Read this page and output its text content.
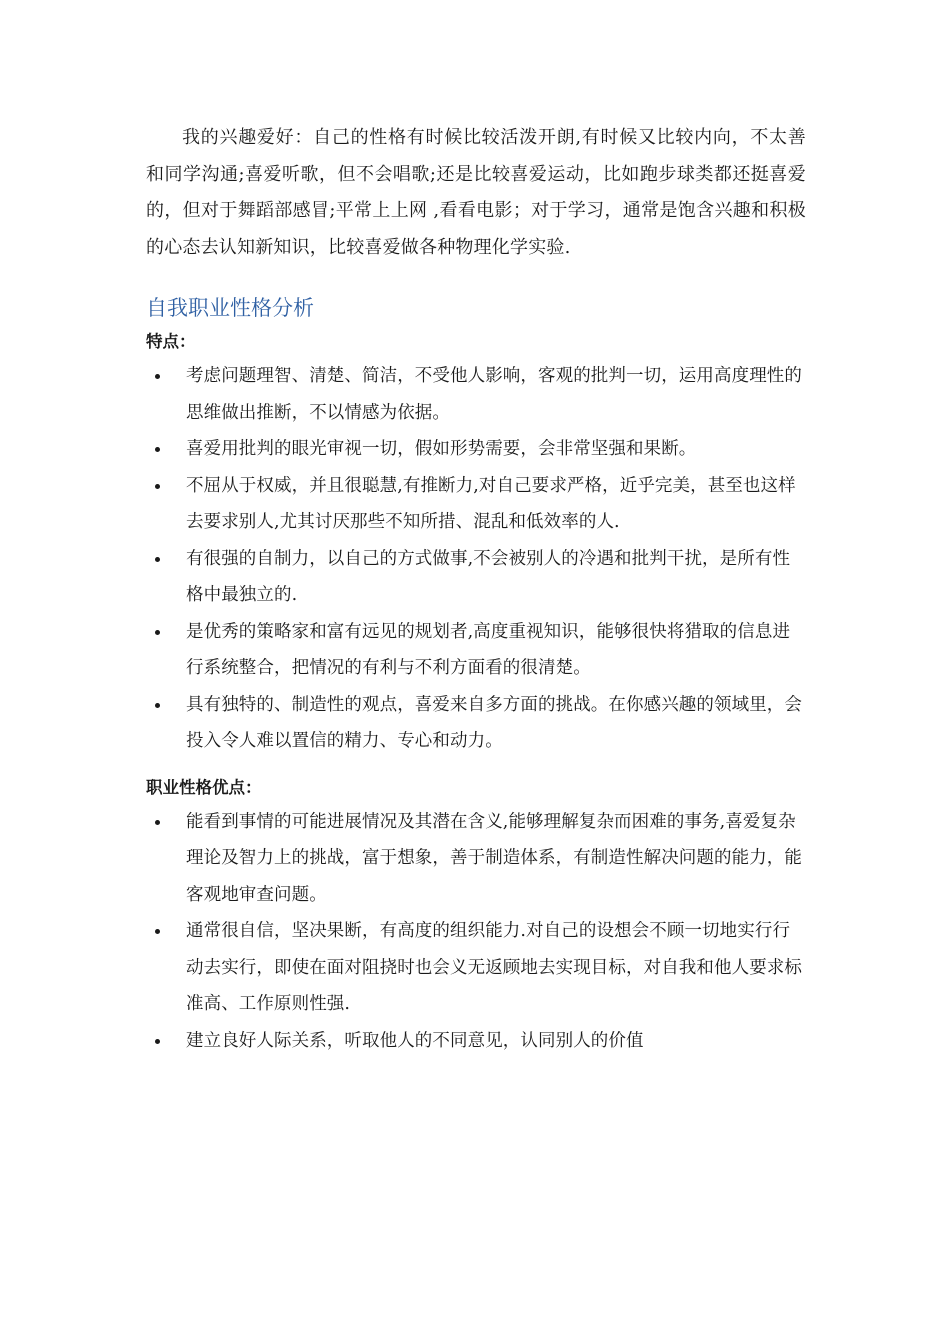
我的兴趣爱好：自己的性格有时候比较活泼开朗,有时候又比较内向，不太善和同学沟通;喜爱听歌，但不会唱歌;还是比较喜爱运动，比如跑步球类都还挺喜爱的，但对于舞蹈部感冒;平常上上网 ,看看电影；对于学习，通常是饱含兴趣和积极的心态去认知新知识，比较喜爱做各种物理化学实验.

自我职业性格分析
特点：
考虑问题理智、清楚、简洁，不受他人影响，客观的批判一切，运用高度理性的思维做出推断，不以情感为依据。
喜爱用批判的眼光审视一切，假如形势需要，会非常坚强和果断。
不屈从于权威，并且很聪慧,有推断力,对自己要求严格，近乎完美，甚至也这样去要求别人,尤其讨厌那些不知所措、混乱和低效率的人.
有很强的自制力，以自己的方式做事,不会被别人的冷遇和批判干扰，是所有性格中最独立的.
是优秀的策略家和富有远见的规划者,高度重视知识，能够很快将猎取的信息进行系统整合，把情况的有利与不利方面看的很清楚。
具有独特的、制造性的观点，喜爱来自多方面的挑战。在你感兴趣的领域里，会投入令人难以置信的精力、专心和动力。
职业性格优点：
能看到事情的可能进展情况及其潜在含义,能够理解复杂而困难的事务,喜爱复杂理论及智力上的挑战，富于想象，善于制造体系，有制造性解决问题的能力，能客观地审查问题。
通常很自信，坚决果断，有高度的组织能力.对自己的设想会不顾一切地实行行动去实行，即使在面对阻挠时也会义无返顾地去实现目标，对自我和他人要求标准高、工作原则性强.
建立良好人际关系，听取他人的不同意见，认同别人的价值
